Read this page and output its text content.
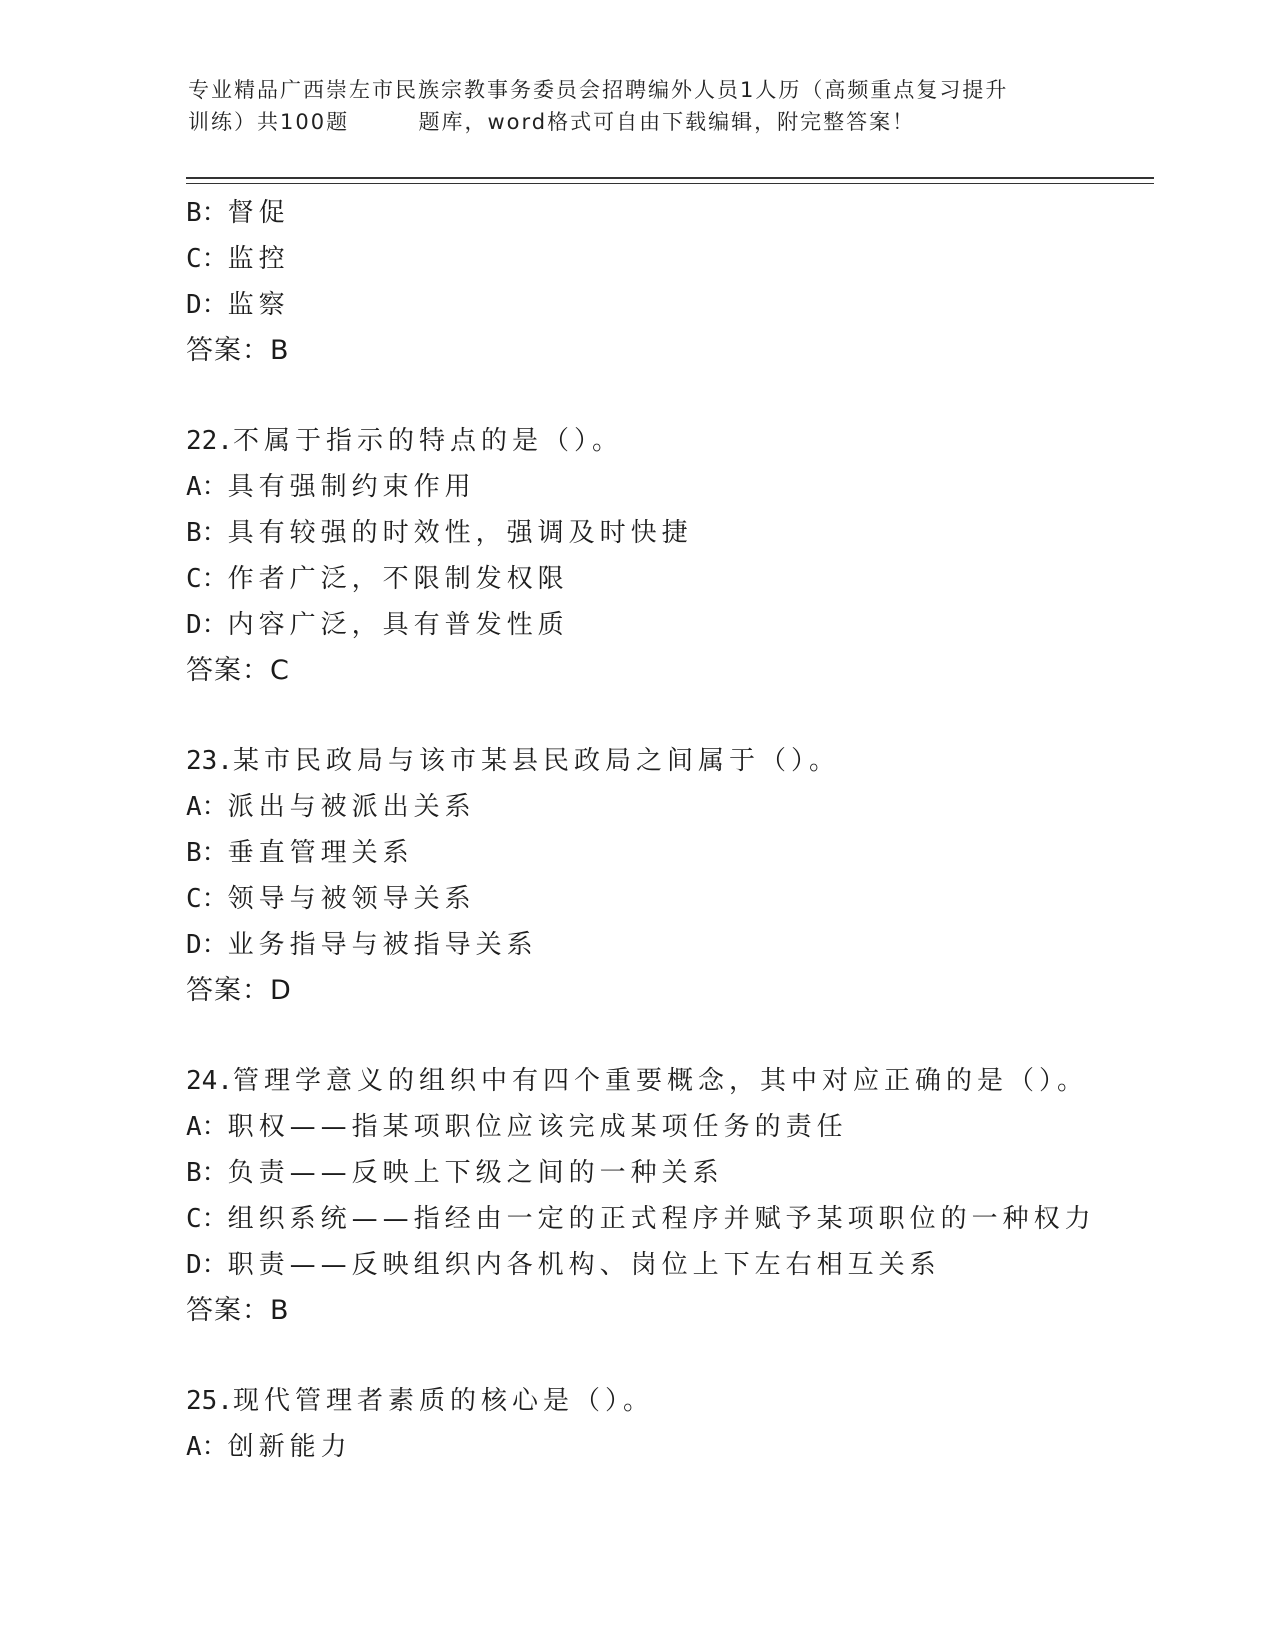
专业精品广西崇左市民族宗教事务委员会招聘编外人员1人历（高频重点复习提升
训练）共100题        题库，word格式可自由下载编辑，附完整答案！
B：督促
C：监控
D：监察
答案：B
22.不属于指示的特点的是（）。
A：具有强制约束作用
B：具有较强的时效性，强调及时快捷
C：作者广泛，不限制发权限
D：内容广泛，具有普发性质
答案：C
23.某市民政局与该市某县民政局之间属于（）。
A：派出与被派出关系
B：垂直管理关系
C：领导与被领导关系
D：业务指导与被指导关系
答案：D
24.管理学意义的组织中有四个重要概念，其中对应正确的是（）。
A：职权——指某项职位应该完成某项任务的责任
B：负责——反映上下级之间的一种关系
C：组织系统——指经由一定的正式程序并赋予某项职位的一种权力
D：职责——反映组织内各机构、岗位上下左右相互关系
答案：B
25.现代管理者素质的核心是（）。
A：创新能力
